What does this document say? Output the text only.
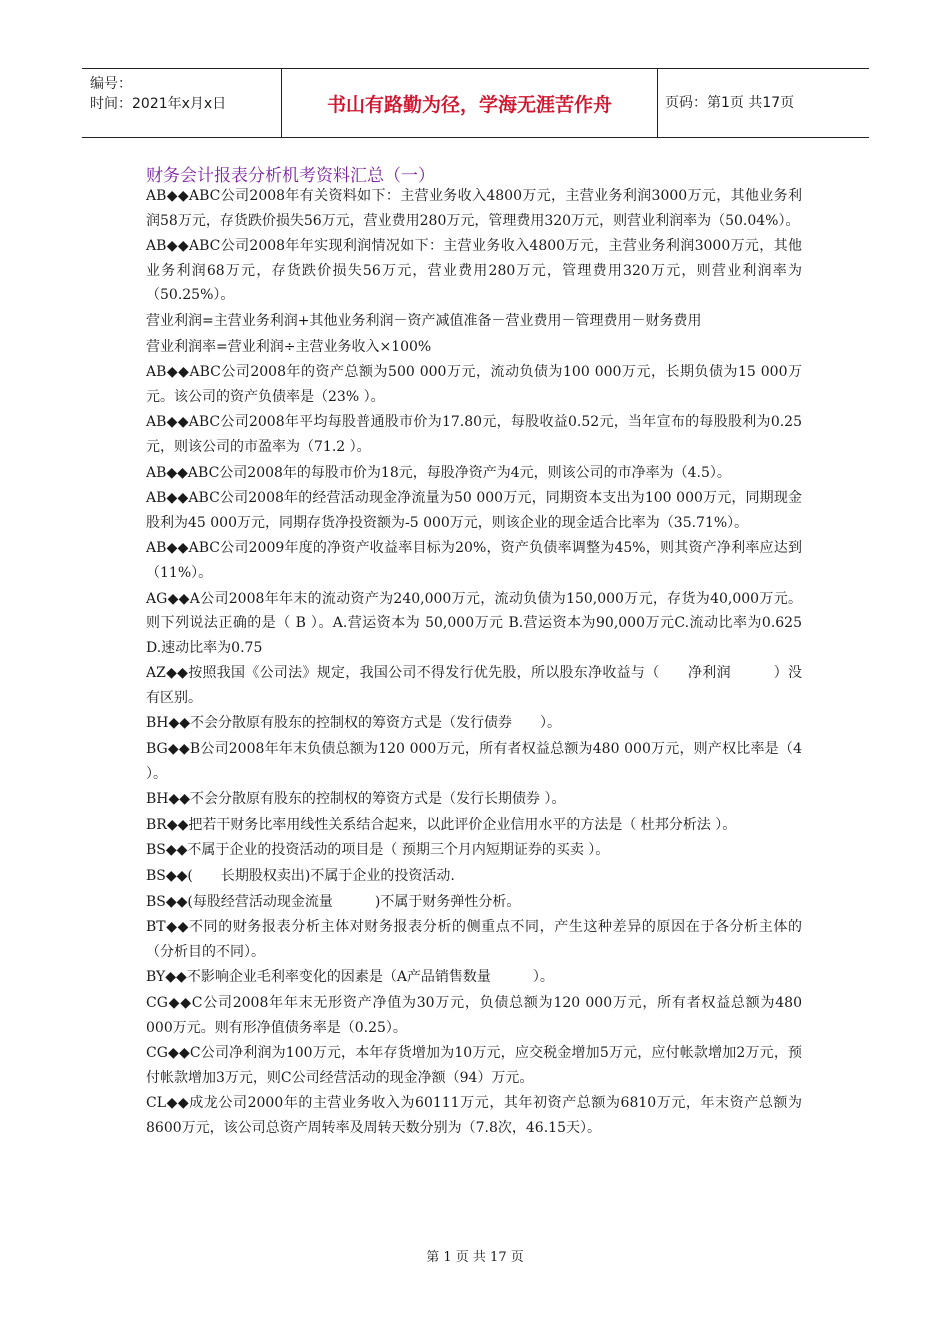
编号：
时间：2021年x月x日	书山有路勤为径，学海无涯苦作舟	页码：第1页 共17页
财务会计报表分析机考资料汇总（一）
AB◆◆ABC公司2008年有关资料如下：主营业务收入4800万元，主营业务利润3000万元，其他业务利润58万元，存货跌价损失56万元，营业费用280万元，管理费用320万元，则营业利润率为（50.04%）。
AB◆◆ABC公司2008年年实现利润情况如下：主营业务收入4800万元，主营业务利润3000万元，其他业务利润68万元，存货跌价损失56万元，营业费用280万元，管理费用320万元，则营业利润率为（50.25%）。
营业利润=主营业务利润+其他业务利润－资产减值准备－营业费用－管理费用－财务费用
营业利润率=营业利润÷主营业务收入×100%
AB◆◆ABC公司2008年的资产总额为500 000万元，流动负债为100 000万元，长期负债为15 000万元。该公司的资产负债率是（23% ）。
AB◆◆ABC公司2008年平均每股普通股市价为17.80元，每股收益0.52元，当年宣布的每股股利为0.25元，则该公司的市盈率为（71.2 ）。
AB◆◆ABC公司2008年的每股市价为18元，每股净资产为4元，则该公司的市净率为（4.5）。
AB◆◆ABC公司2008年的经营活动现金净流量为50 000万元，同期资本支出为100 000万元，同期现金股利为45 000万元，同期存货净投资额为-5 000万元，则该企业的现金适合比率为（35.71%）。
AB◆◆ABC公司2009年度的净资产收益率目标为20%，资产负债率调整为45%，则其资产净利率应达到（11%）。
AG◆◆A公司2008年年末的流动资产为240,000万元，流动负债为150,000万元，存货为40,000万元。则下列说法正确的是（ B ）。A.营运资本为 50,000万元 B.营运资本为90,000万元C.流动比率为0.625 D.速动比率为0.75
AZ◆◆按照我国《公司法》规定，我国公司不得发行优先股，所以股东净收益与（　　净利润　　　）没有区别。
BH◆◆不会分散原有股东的控制权的筹资方式是（发行债券　　）。
BG◆◆B公司2008年年末负债总额为120 000万元，所有者权益总额为480 000万元，则产权比率是（4 ）。
BH◆◆不会分散原有股东的控制权的筹资方式是（发行长期债券 ）。
BR◆◆把若干财务比率用线性关系结合起来，以此评价企业信用水平的方法是（ 杜邦分析法 ）。
BS◆◆不属于企业的投资活动的项目是（ 预期三个月内短期证券的买卖 ）。
BS◆◆(　　长期股权卖出)不属于企业的投资活动.
BS◆◆(每股经营活动现金流量　　　)不属于财务弹性分析。
BT◆◆不同的财务报表分析主体对财务报表分析的侧重点不同，产生这种差异的原因在于各分析主体的（分析目的不同）。
BY◆◆不影响企业毛利率变化的因素是（A产品销售数量　　　）。
CG◆◆C公司2008年年末无形资产净值为30万元，负债总额为120 000万元，所有者权益总额为480 000万元。则有形净值债务率是（0.25）。
CG◆◆C公司净利润为100万元，本年存货增加为10万元，应交税金增加5万元，应付帐款增加2万元，预付帐款增加3万元，则C公司经营活动的现金净额（94）万元。
CL◆◆成龙公司2000年的主营业务收入为60111万元，其年初资产总额为6810万元，年末资产总额为8600万元，该公司总资产周转率及周转天数分别为（7.8次，46.15天）。
第 1 页 共 17 页
